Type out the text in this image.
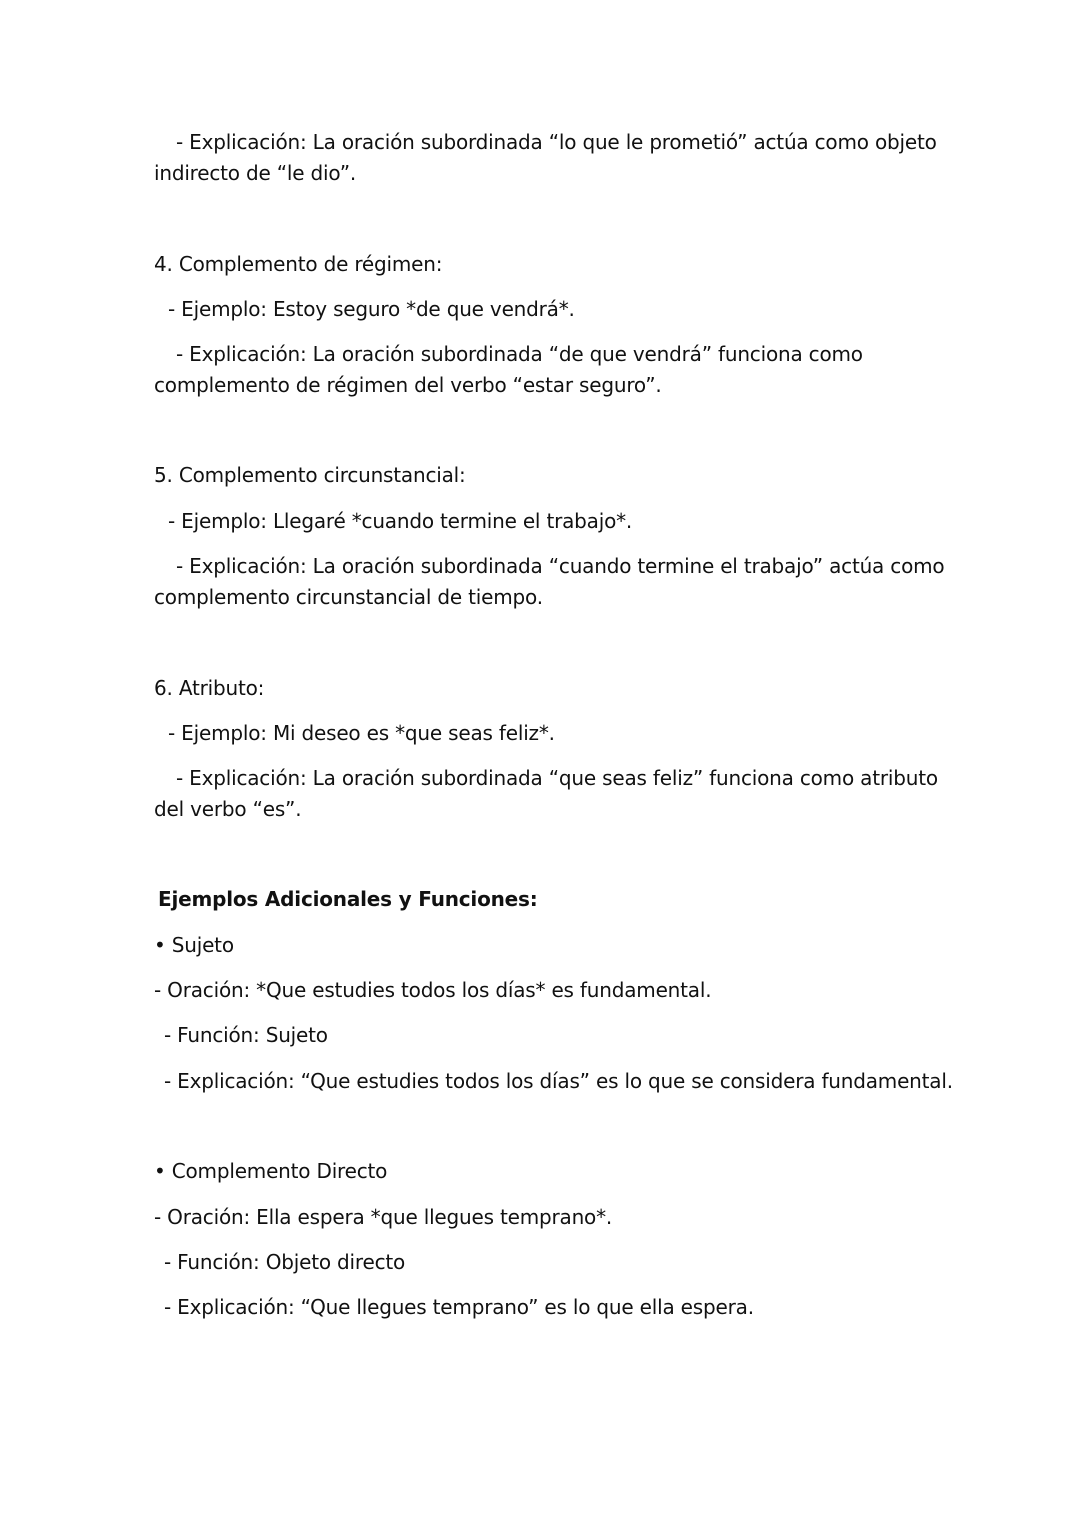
- Explicación: La oración subordinada “lo que le prometió” actúa como objeto
indirecto de “le dio”.
4. Complemento de régimen:
- Ejemplo: Estoy seguro *de que vendrá*.
- Explicación: La oración subordinada “de que vendrá” funciona como
complemento de régimen del verbo “estar seguro”.
5. Complemento circunstancial:
- Ejemplo: Llegaré *cuando termine el trabajo*.
- Explicación: La oración subordinada “cuando termine el trabajo” actúa como
complemento circunstancial de tiempo.
6. Atributo:
- Ejemplo: Mi deseo es *que seas feliz*.
- Explicación: La oración subordinada “que seas feliz” funciona como atributo
del verbo “es”.
Ejemplos Adicionales y Funciones:
• Sujeto
- Oración: *Que estudies todos los días* es fundamental.
- Función: Sujeto
- Explicación: “Que estudies todos los días” es lo que se considera fundamental.
• Complemento Directo
- Oración: Ella espera *que llegues temprano*.
- Función: Objeto directo
- Explicación: “Que llegues temprano” es lo que ella espera.
